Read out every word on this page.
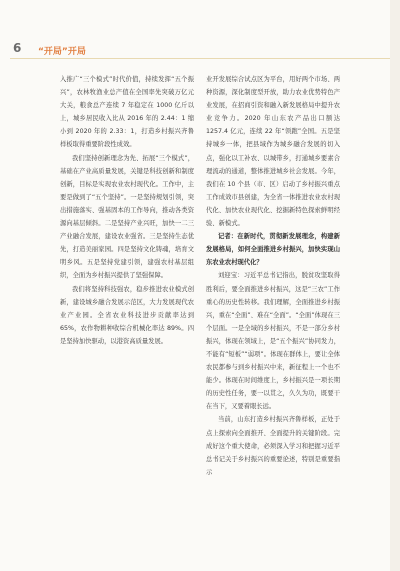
6 “开局”开局

入推广“三个模式”时代价值，持续发挥“五个振兴”，农林牧渔业总产值在全国率先突破万亿元大关，粮食总产连续 7 年稳定在 1000 亿斤以上，城乡居民收入比从 2016 年的 2.44：1 缩小到 2020 年的 2.33：1，打造乡村振兴齐鲁样板取得重要阶段性成效。

我们坚持创新理念为先、拓展“三个模式”，基础在产业高质量发展，关键是科技创新和制度创新，目标是实现农业农村现代化。工作中，主要是做到了“五个坚持”。一是坚持规划引领，突出措施落实、强基固本的工作导向，推动各类资源向基层倾斜。二是坚持产业兴旺，加快一二三产业融合发展，建设农业强省。三是坚持生态优先，打造美丽家园。四是坚持文化铸魂，培育文明乡风。五是坚持党建引领，建强农村基层组织，全面为乡村振兴提供了坚强保障。

我们将坚持科技强农，稳步推进农业模式创新，建设城乡融合发展示范区，大力发展现代农业产业园。全省农业科技进步贡献率达到 65%，农作物耕种收综合机械化率达 89%。四是坚持加快驱动，以港资高质量发展。

业开发展综合试点区为平台，用好两个市场、两种资源，深化制度型开放，助力农业优势特色产业发展，在招商引资和融入新发展格局中提升农业竞争力。2020 年山东农产品出口额达 1257.4 亿元，连续 22 年“领跑”全国。五是坚持城乡一体，把县域作为城乡融合发展的切入点，强化以工补农、以城带乡，打通城乡要素合理流动的通道，整体推进城乡社会发展。今年，我们在 10 个县（市、区）启动了乡村振兴重点工作成效市县创建，为全省一体推进农业农村现代化、加快农业现代化、挖掘新特色探索鲜明经验、新模式。

记者：在新时代，贯彻新发展理念，构建新发展格局，如何全面推进乡村振兴，加快实现山东农业农村现代化？

刘迎宝：习近平总书记指出，脱贫攻坚取得胜利后，要全面推进乡村振兴，这是“三农”工作重心的历史性转移。我们理解，全面推进乡村振兴，重在“全面”、难在“全面”。“全面”体现在三个层面。一是全域的乡村振兴，不是一部分乡村振兴，体现在领域上，是“五个振兴”协同发力，不能有“短板”“弱项”。体现在群体上，要让全体农民都参与到乡村振兴中来，新征程上一个也不能少。体现在时间维度上，乡村振兴是一项长期的历史性任务，要一以贯之，久久为功，既要干在当下，又要着眼长远。

当前，山东打造乡村振兴齐鲁样板，正处于点上探索向全面推开、全面提升的关键阶段。完成好这个重大使命，必须深入学习和把握习近平总书记关于乡村振兴的重要论述，特别是重要指示
